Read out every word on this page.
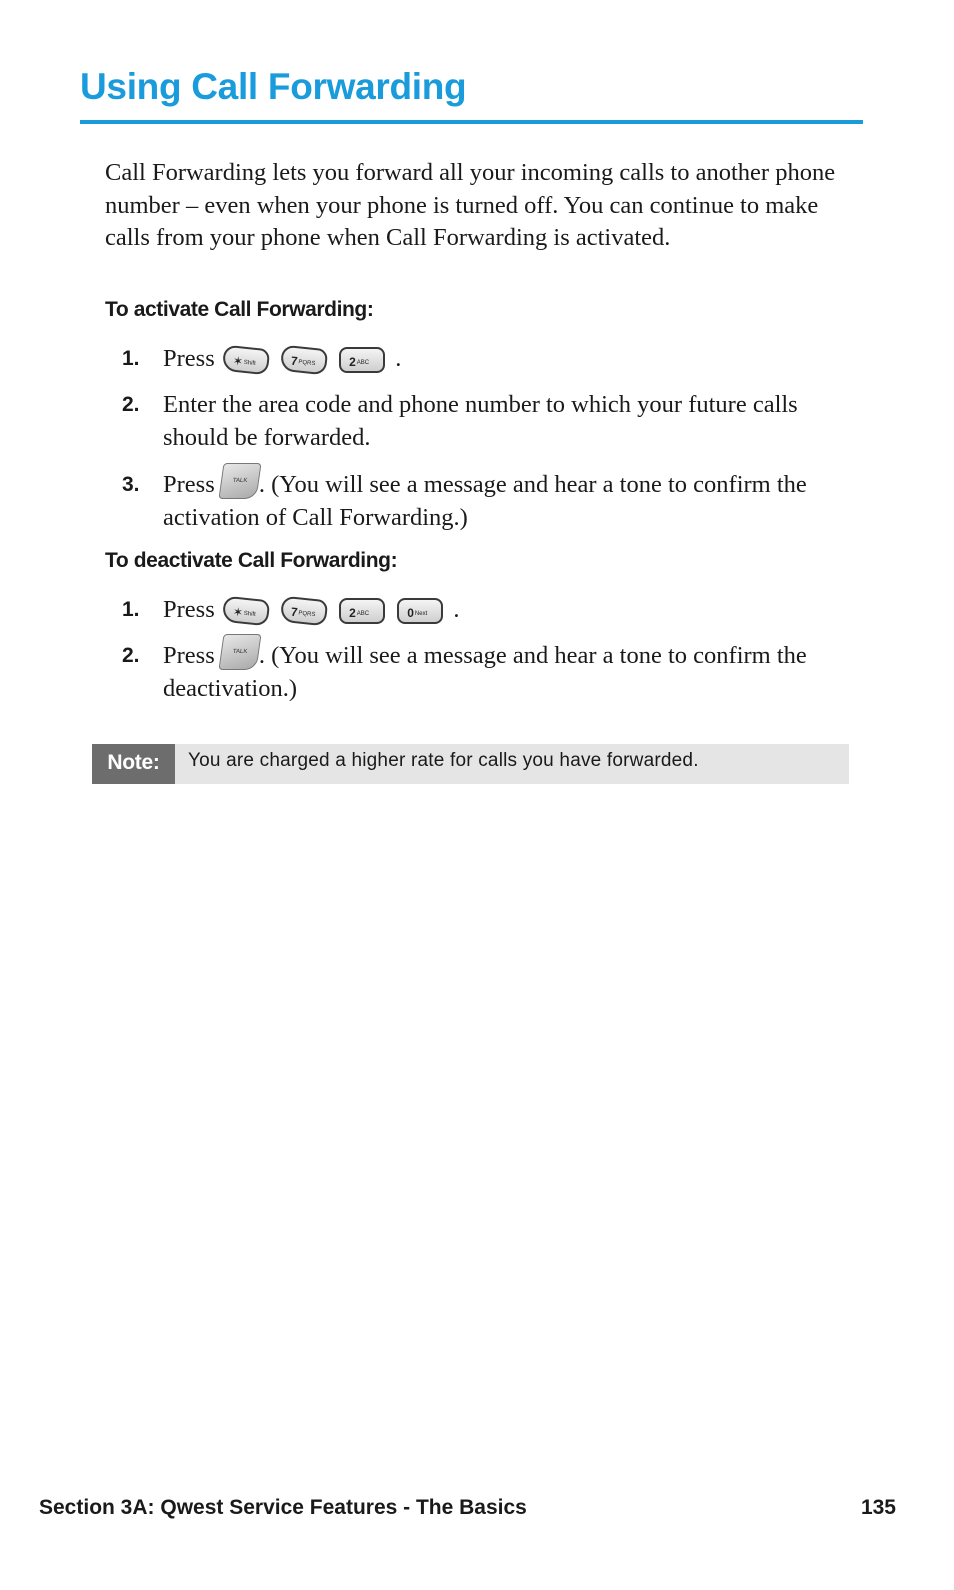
Using Call Forwarding
Call Forwarding lets you forward all your incoming calls to another phone number – even when your phone is turned off. You can continue to make calls from your phone when Call Forwarding is activated.
To activate Call Forwarding:
1. Press ✶Shift	7PQRS	2ABC .
2. Enter the area code and phone number to which your future calls should be forwarded.
3. Press	TALK . (You will see a message and hear a tone to confirm the activation of Call Forwarding.)
To deactivate Call Forwarding:
1. Press ✶Shift	7PQRS	2ABC	0Next .
2. Press	TALK . (You will see a message and hear a tone to confirm the deactivation.)
Note:	You are charged a higher rate for calls you have forwarded.
Section 3A: Qwest Service Features - The Basics	135
